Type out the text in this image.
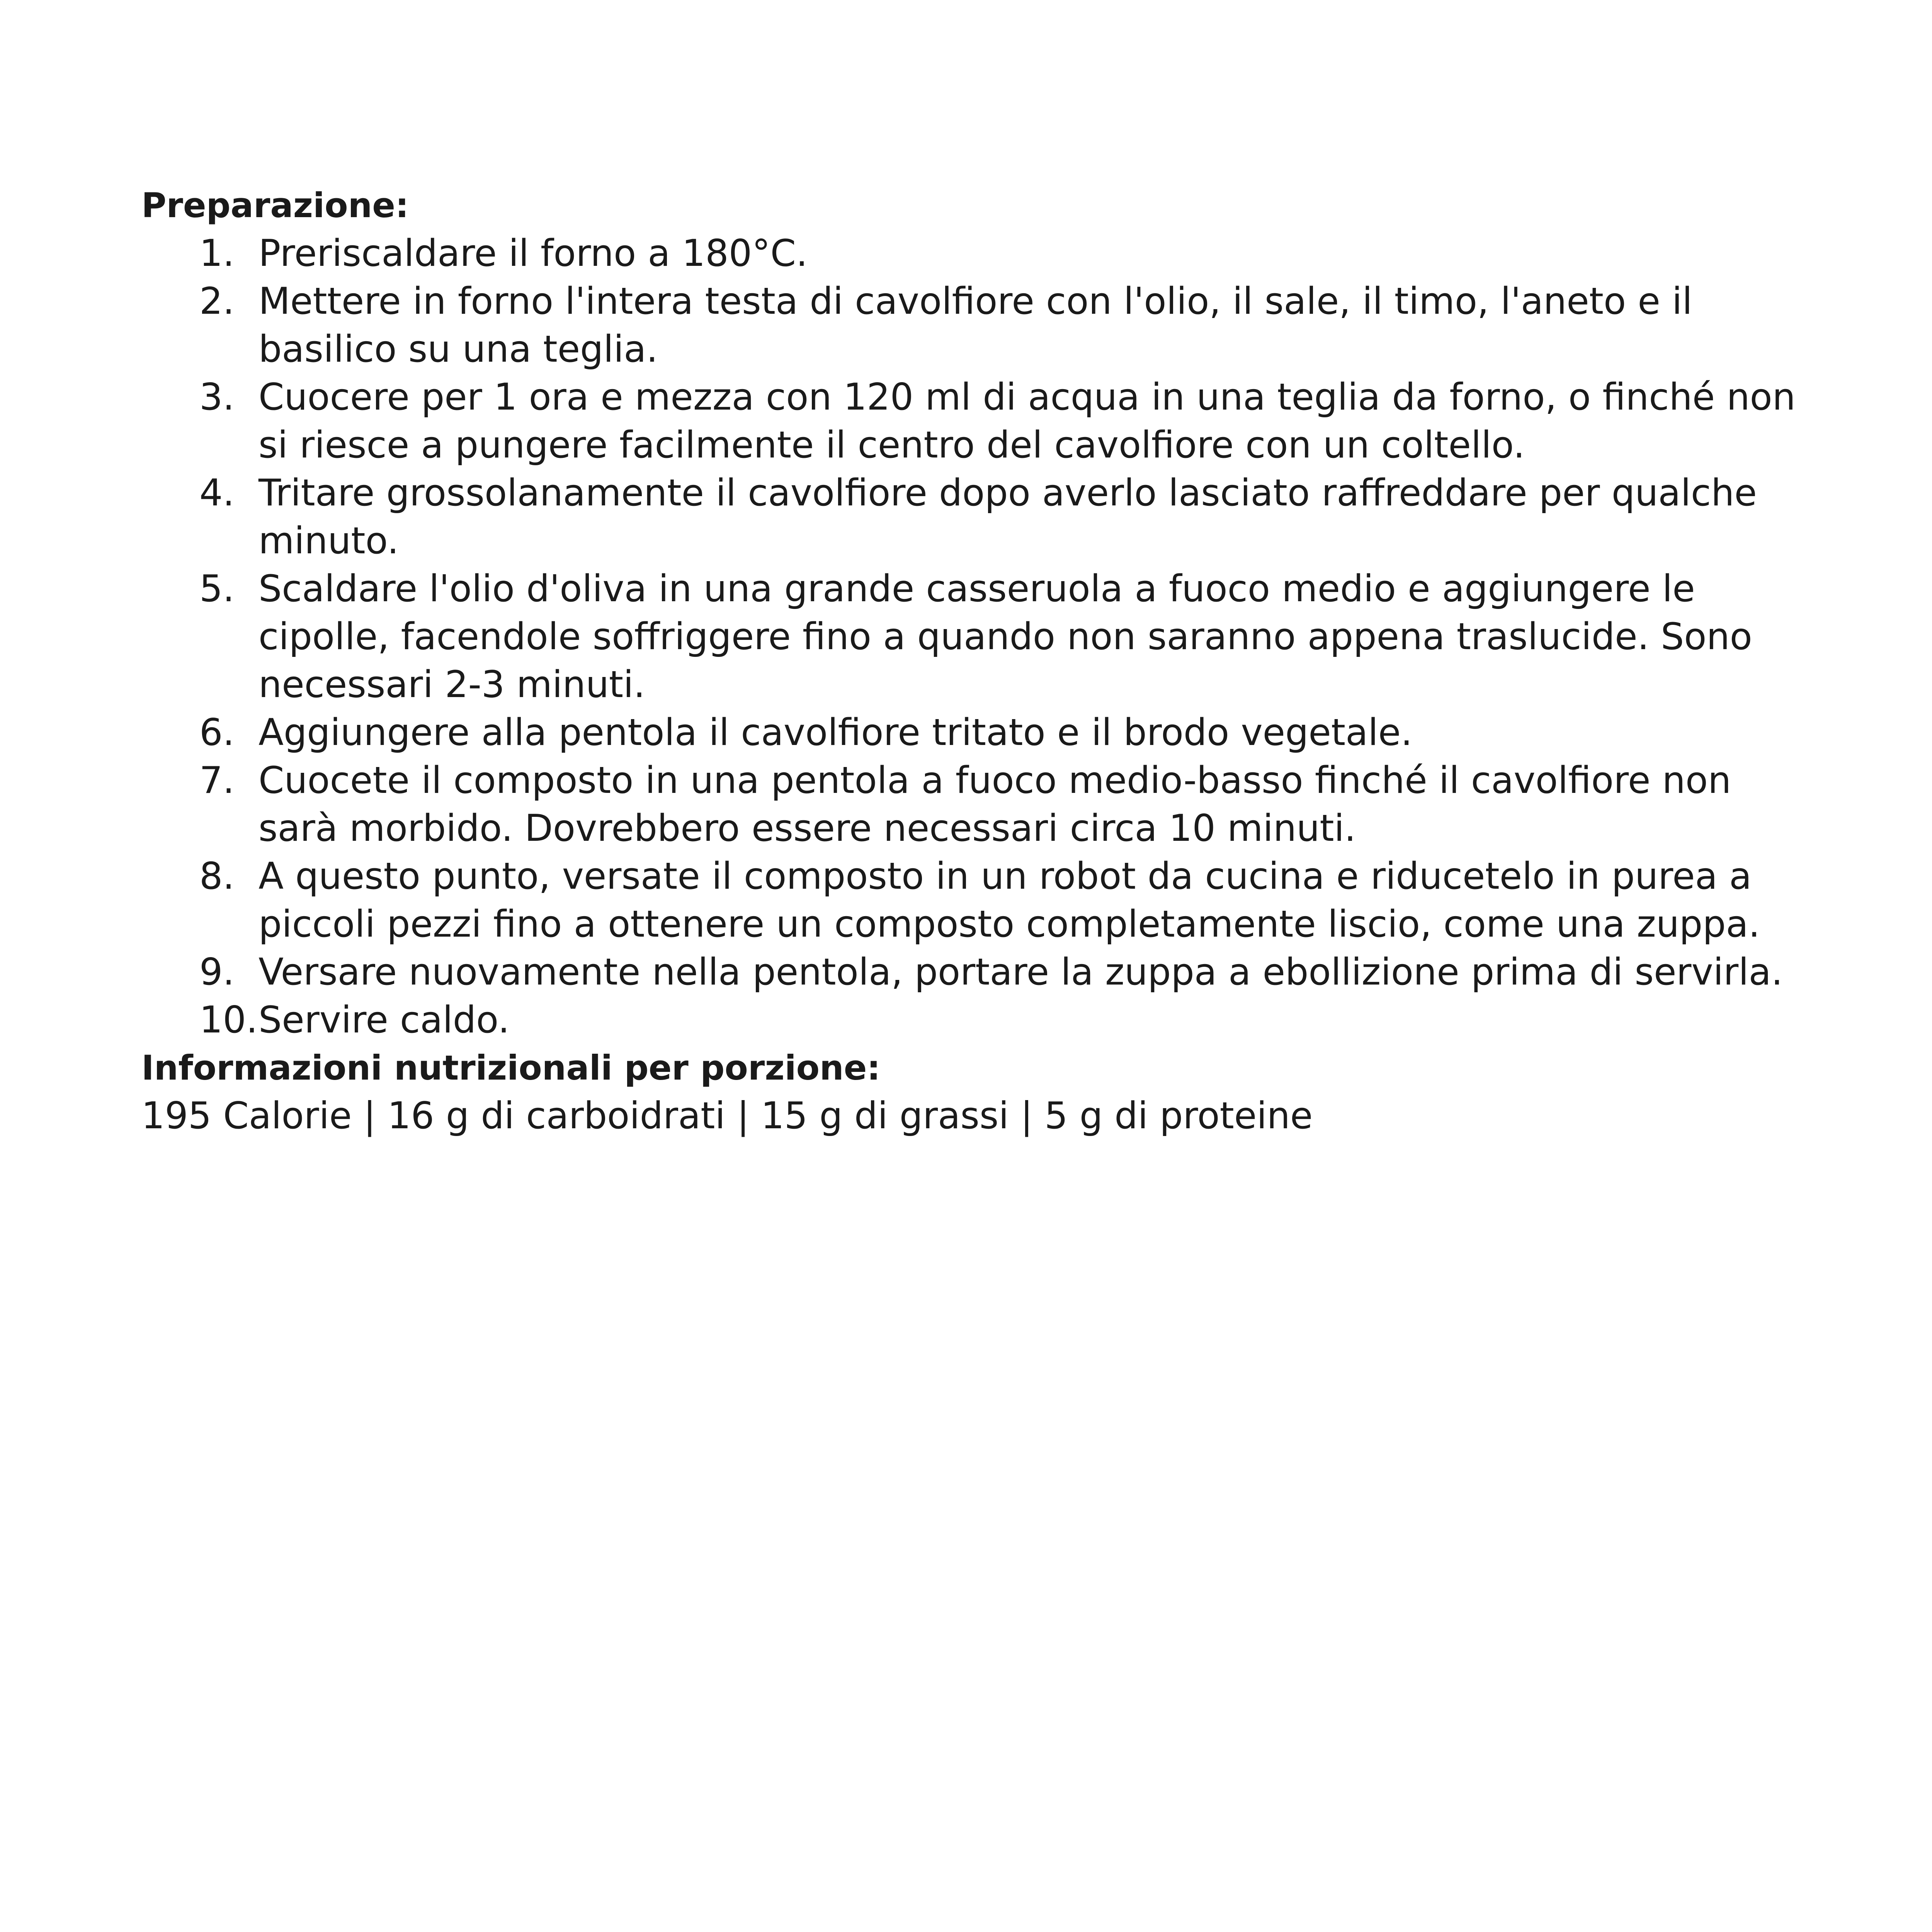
Preparazione:

1. Preriscaldare il forno a 180°C.
2. Mettere in forno l'intera testa di cavolfiore con l'olio, il sale, il timo, l'aneto e il basilico su una teglia.
3. Cuocere per 1 ora e mezza con 120 ml di acqua in una teglia da forno, o finché non si riesce a pungere facilmente il centro del cavolfiore con un coltello.
4. Tritare grossolanamente il cavolfiore dopo averlo lasciato raffreddare per qualche minuto.
5. Scaldare l'olio d'oliva in una grande casseruola a fuoco medio e aggiungere le cipolle, facendole soffriggere fino a quando non saranno appena traslucide. Sono necessari 2-3 minuti.
6. Aggiungere alla pentola il cavolfiore tritato e il brodo vegetale.
7. Cuocete il composto in una pentola a fuoco medio-basso finché il cavolfiore non sarà morbido. Dovrebbero essere necessari circa 10 minuti.
8. A questo punto, versate il composto in un robot da cucina e riducetelo in purea a piccoli pezzi fino a ottenere un composto completamente liscio, come una zuppa.
9. Versare nuovamente nella pentola, portare la zuppa a ebollizione prima di servirla.
10. Servire caldo.

Informazioni nutrizionali per porzione:

195 Calorie | 16 g di carboidrati | 15 g di grassi | 5 g di proteine
